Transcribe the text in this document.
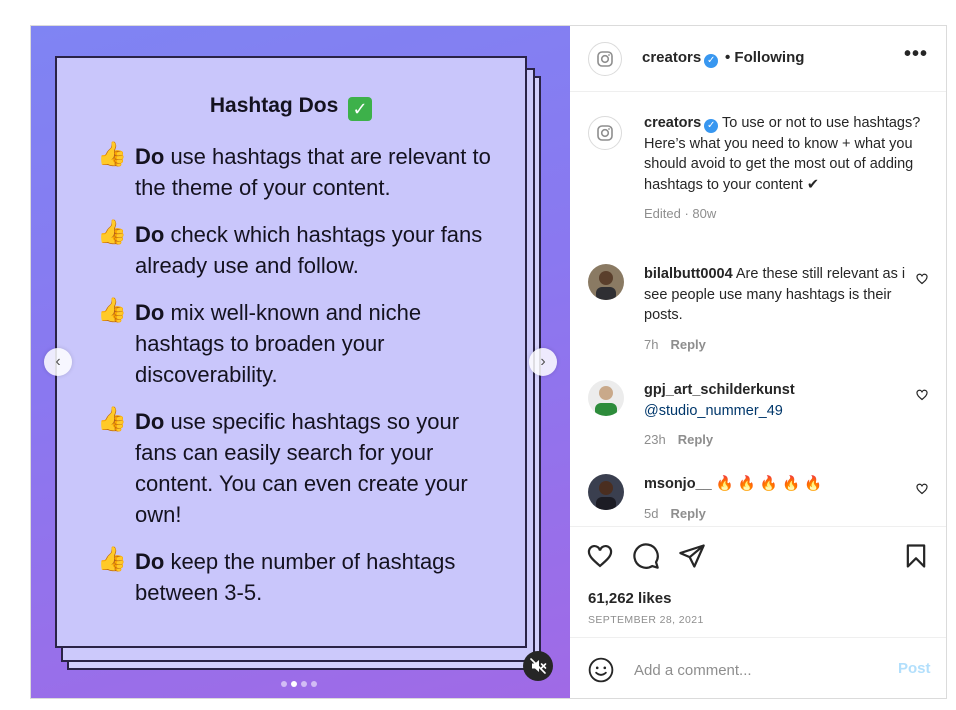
Hashtag Dos ✓
👍 Do use hashtags that are relevant to the theme of your content.
👍 Do check which hashtags your fans already use and follow.
👍 Do mix well-known and niche hashtags to broaden your discoverability.
👍 Do use specific hashtags so your fans can easily search for your content. You can even create your own!
👍 Do keep the number of hashtags between 3-5.
‹	›
creators ✓ • Following	•••
creators ✓ To use or not to use hashtags? Here’s what you need to know + what you should avoid to get the most out of adding hashtags to your content ✔
Edited · 80w
bilalbutt0004 Are these still relevant as i see people use many hashtags is their posts.
7h Reply
gpj_art_schilderkunst
@studio_nummer_49
23h Reply
msonjo__ 🔥 🔥 🔥 🔥 🔥
5d Reply
61,262 likes
SEPTEMBER 28, 2021
Add a comment...
Post
